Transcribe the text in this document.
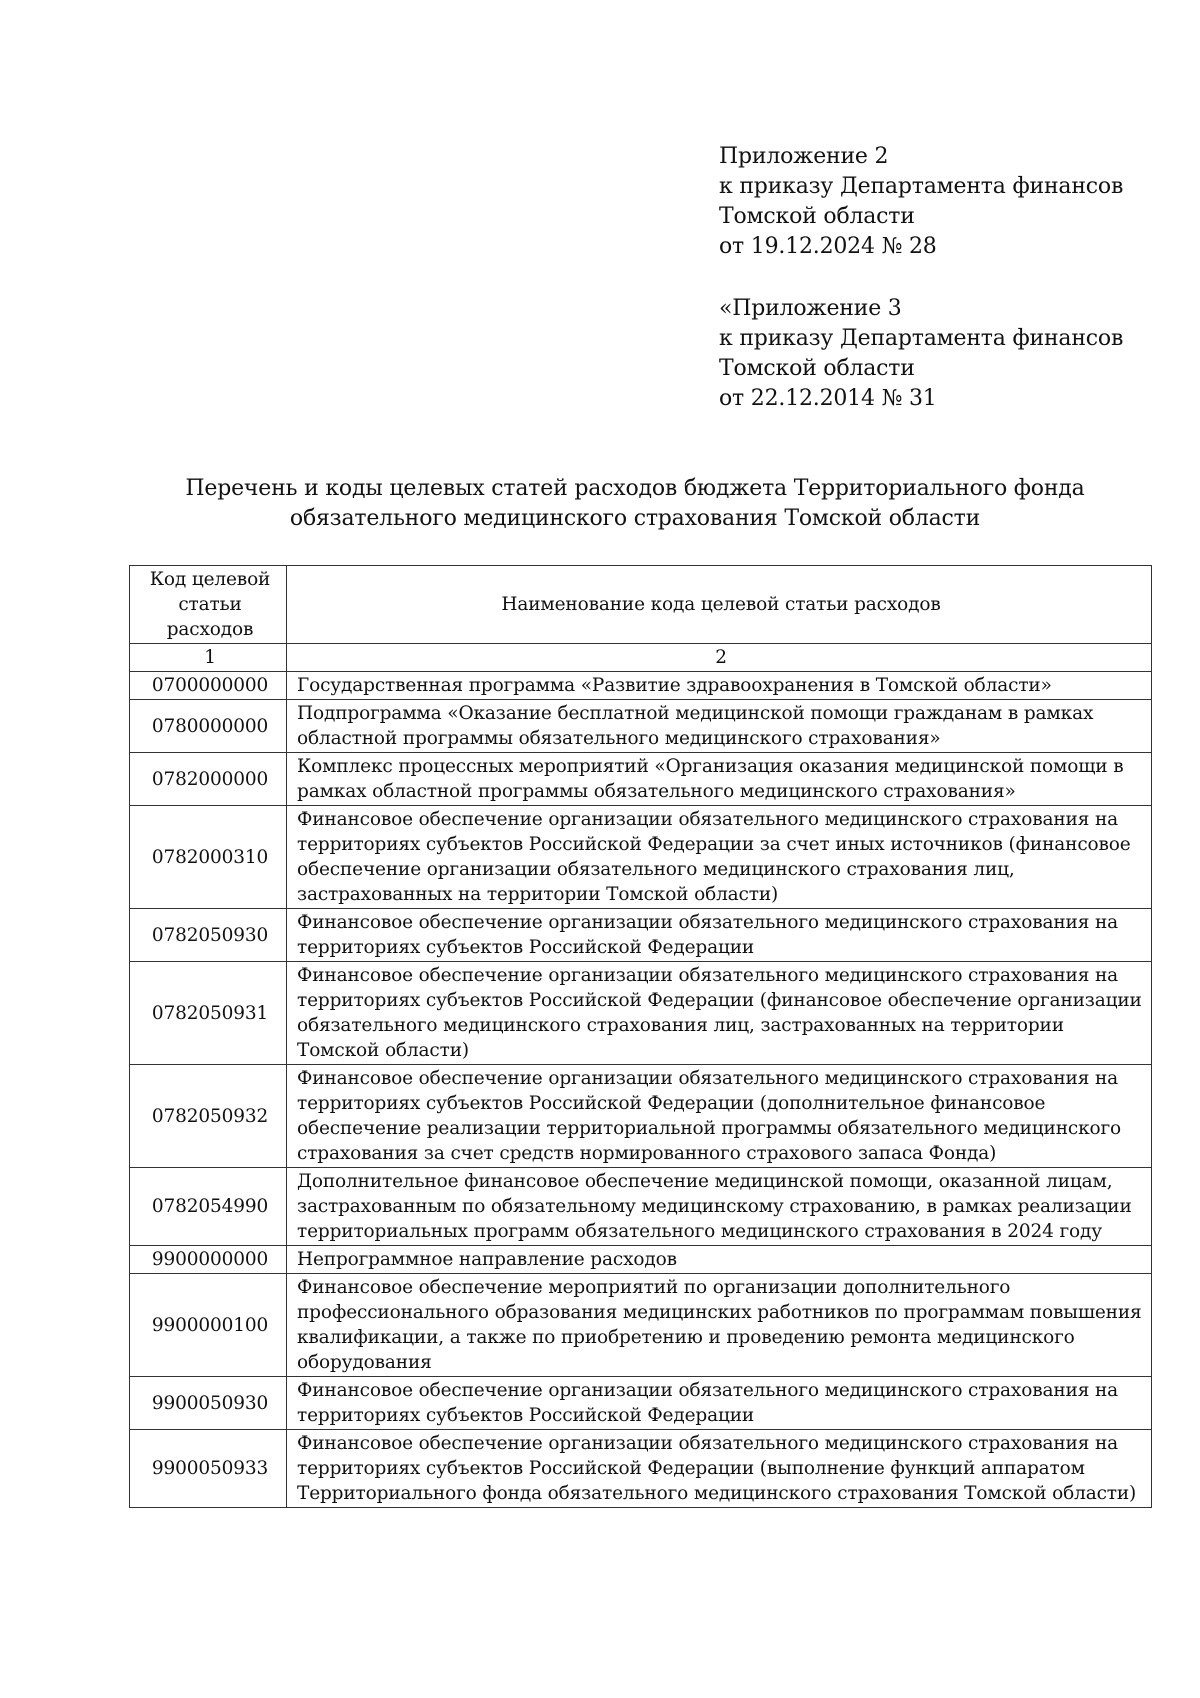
Приложение 2
к приказу Департамента финансов
Томской области
от 19.12.2024 № 28
«Приложение 3
к приказу Департамента финансов
Томской области
от 22.12.2014 № 31
Перечень и коды целевых статей расходов бюджета Территориального фонда
обязательного медицинского страхования Томской области
Код целевой статьи расходов	Наименование кода целевой статьи расходов
1	2
0700000000	Государственная программа «Развитие здравоохранения в Томской области»
0780000000	Подпрограмма «Оказание бесплатной медицинской помощи гражданам в рамках областной программы обязательного медицинского страхования»
0782000000	Комплекс процессных мероприятий «Организация оказания медицинской помощи в рамках областной программы обязательного медицинского страхования»
0782000310	Финансовое обеспечение организации обязательного медицинского страхования на территориях субъектов Российской Федерации за счет иных источников (финансовое обеспечение организации обязательного медицинского страхования лиц, застрахованных на территории Томской области)
0782050930	Финансовое обеспечение организации обязательного медицинского страхования на территориях субъектов Российской Федерации
0782050931	Финансовое обеспечение организации обязательного медицинского страхования на территориях субъектов Российской Федерации (финансовое обеспечение организации обязательного медицинского страхования лиц, застрахованных на территории Томской области)
0782050932	Финансовое обеспечение организации обязательного медицинского страхования на территориях субъектов Российской Федерации (дополнительное финансовое обеспечение реализации территориальной программы обязательного медицинского страхования за счет средств нормированного страхового запаса Фонда)
0782054990	Дополнительное финансовое обеспечение медицинской помощи, оказанной лицам, застрахованным по обязательному медицинскому страхованию, в рамках реализации территориальных программ обязательного медицинского страхования в 2024 году
9900000000	Непрограммное направление расходов
9900000100	Финансовое обеспечение мероприятий по организации дополнительного профессионального образования медицинских работников по программам повышения квалификации, а также по приобретению и проведению ремонта медицинского оборудования
9900050930	Финансовое обеспечение организации обязательного медицинского страхования на территориях субъектов Российской Федерации
9900050933	Финансовое обеспечение организации обязательного медицинского страхования на территориях субъектов Российской Федерации (выполнение функций аппаратом Территориального фонда обязательного медицинского страхования Томской области)
